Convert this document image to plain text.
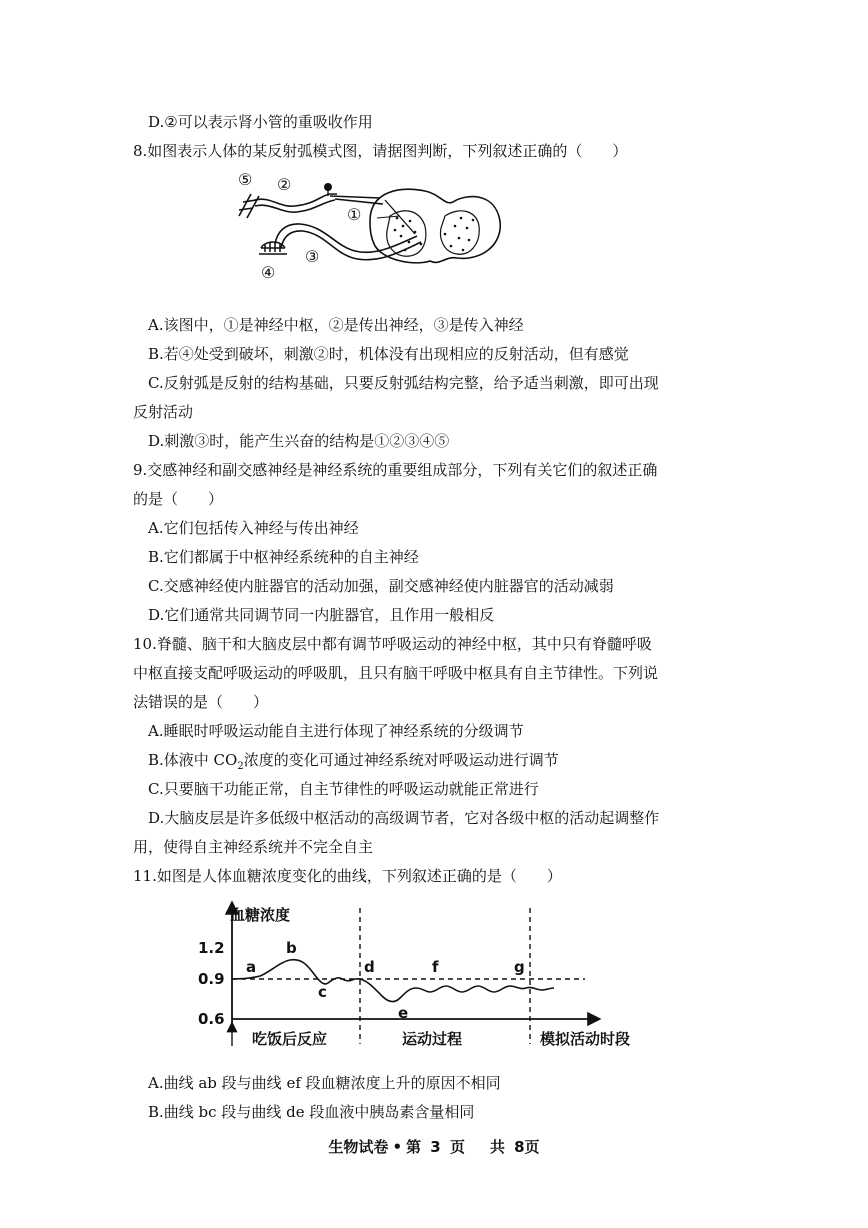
D.②可以表示肾小管的重吸收作用
8.如图表示人体的某反射弧模式图，请据图判断，下列叙述正确的（　　）
⑤ ②
①
③
④
A.该图中，①是神经中枢，②是传出神经，③是传入神经
B.若④处受到破坏，刺激②时，机体没有出现相应的反射活动，但有感觉
C.反射弧是反射的结构基础，只要反射弧结构完整，给予适当刺激，即可出现
反射活动
D.刺激③时，能产生兴奋的结构是①②③④⑤
9.交感神经和副交感神经是神经系统的重要组成部分，下列有关它们的叙述正确
的是（　　）
A.它们包括传入神经与传出神经
B.它们都属于中枢神经系统种的自主神经
C.交感神经使内脏器官的活动加强，副交感神经使内脏器官的活动减弱
D.它们通常共同调节同一内脏器官，且作用一般相反
10.脊髓、脑干和大脑皮层中都有调节呼吸运动的神经中枢，其中只有脊髓呼吸
中枢直接支配呼吸运动的呼吸肌，且只有脑干呼吸中枢具有自主节律性。下列说
法错误的是（　　）
A.睡眠时呼吸运动能自主进行体现了神经系统的分级调节
B.体液中 $CO_2$浓度的变化可通过神经系统对呼吸运动进行调节
C.只要脑干功能正常，自主节律性的呼吸运动就能正常进行
D.大脑皮层是许多低级中枢活动的高级调节者，它对各级中枢的活动起调整作
用，使得自主神经系统并不完全自主
11.如图是人体血糖浓度变化的曲线，下列叙述正确的是（　　）
血糖浓度
1.2
0.9
0.6
a
b
c
d
e
f	g
吃饭后反应	运动过程	模拟活动时段
A.曲线 ab 段与曲线 ef 段血糖浓度上升的原因不相同
B.曲线 bc 段与曲线 de 段血液中胰岛素含量相同
生物试卷 • 第 3 页 共 8页
